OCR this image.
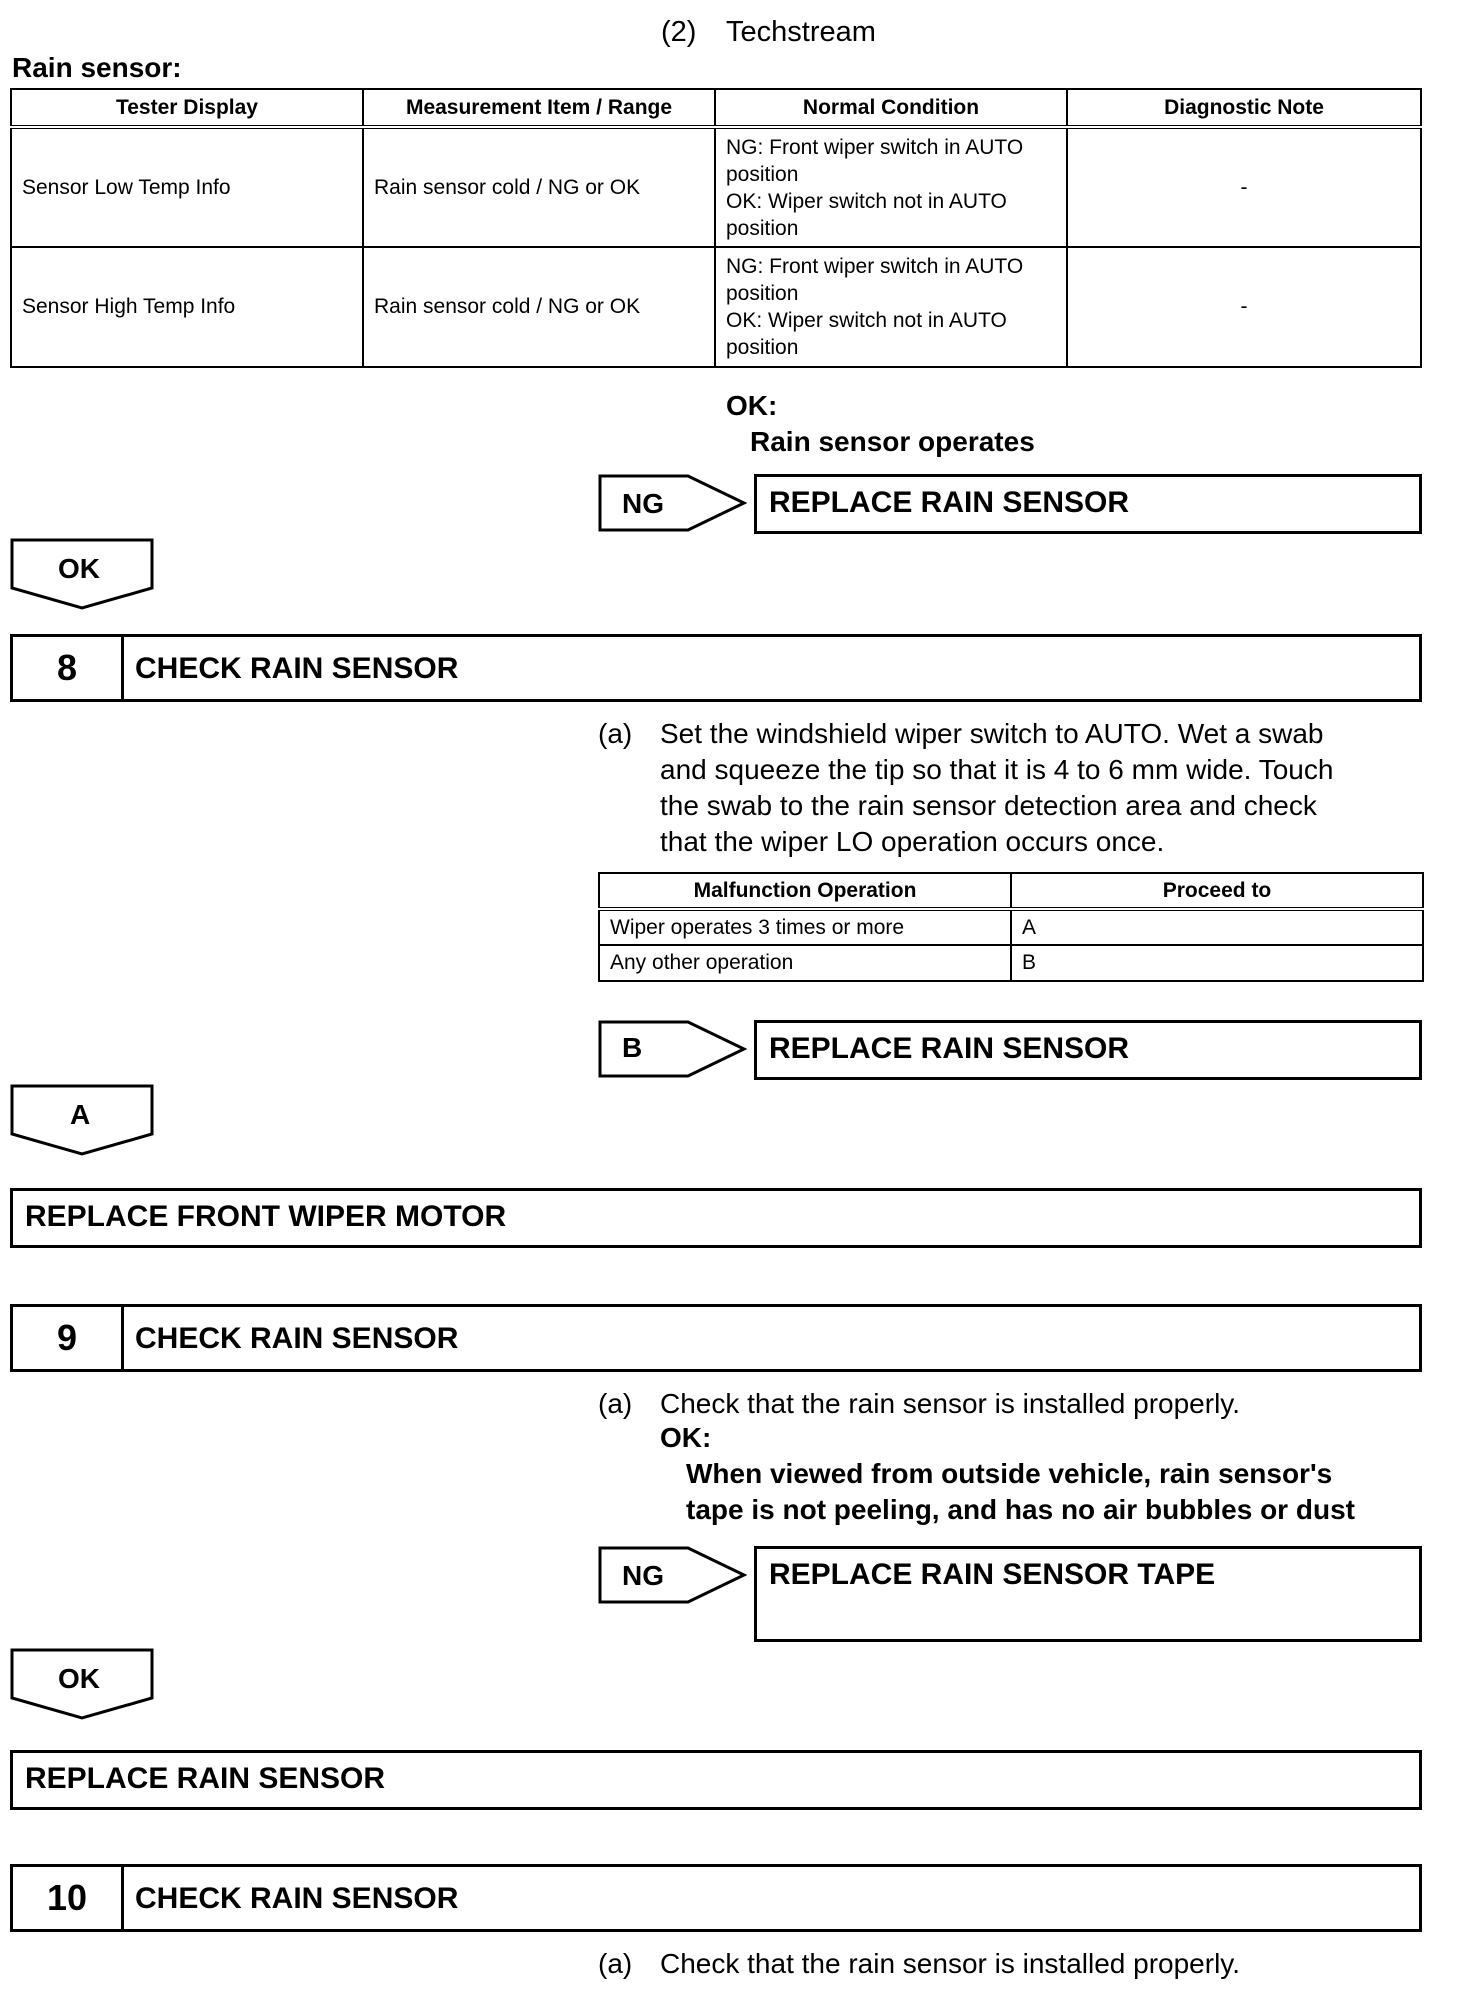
(2) Techstream
Rain sensor:
Tester Display	Measurement Item / Range	Normal Condition	Diagnostic Note
Sensor Low Temp Info	Rain sensor cold / NG or OK	NG: Front wiper switch in AUTO
position
OK: Wiper switch not in AUTO
position	-
Sensor High Temp Info	Rain sensor cold / NG or OK	NG: Front wiper switch in AUTO
position
OK: Wiper switch not in AUTO
position	-
OK:
Rain sensor operates
NG	REPLACE RAIN SENSOR
OK
8	CHECK RAIN SENSOR
(a) Set the windshield wiper switch to AUTO. Wet a swab
and squeeze the tip so that it is 4 to 6 mm wide. Touch
the swab to the rain sensor detection area and check
that the wiper LO operation occurs once.
Malfunction Operation	Proceed to
Wiper operates 3 times or more	A
Any other operation	B
B	REPLACE RAIN SENSOR
A
REPLACE FRONT WIPER MOTOR
9	CHECK RAIN SENSOR
(a) Check that the rain sensor is installed properly.
OK:
When viewed from outside vehicle, rain sensor's
tape is not peeling, and has no air bubbles or dust
NG	REPLACE RAIN SENSOR TAPE
OK
REPLACE RAIN SENSOR
10	CHECK RAIN SENSOR
(a) Check that the rain sensor is installed properly.
